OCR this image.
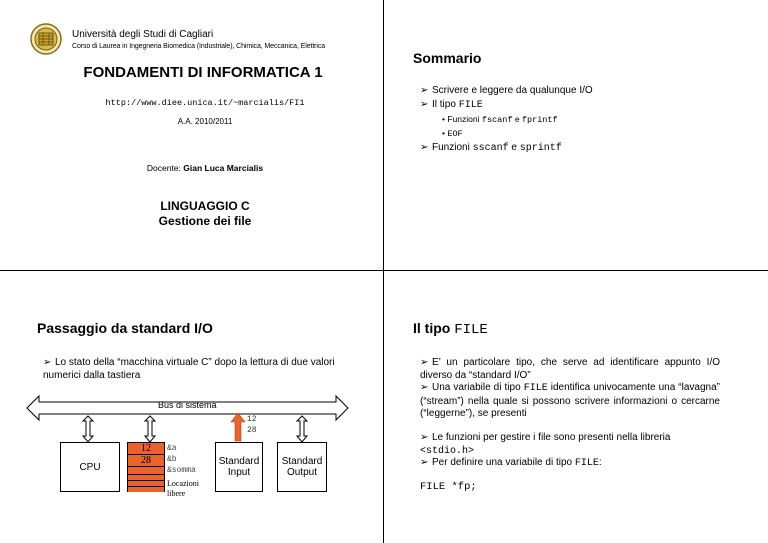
Università degli Studi di Cagliari
Corso di Laurea in Ingegneria Biomedica (Industriale), Chimica, Meccanica, Elettrica
FONDAMENTI DI INFORMATICA 1
http://www.diee.unica.it/~marcialis/FI1
A.A. 2010/2011
Docente: Gian Luca Marcialis
LINGUAGGIO C
Gestione dei file
Sommario
➢ Scrivere e leggere da qualunque I/O
➢ Il tipo FILE
• Funzioni fscanf e fprintf
• EOF
➢ Funzioni sscanf e sprintf
Passaggio da standard I/O
➢ Lo stato della “macchina virtuale C” dopo la lettura di due valori numerici dalla tastiera
Bus di sistema
12
28
CPU
12
28
&a
&b
&somma
Locazioni
libere
Standard
Input
Standard
Output
Il tipo FILE
➢ E’ un particolare tipo, che serve ad identificare appunto I/O diverso da “standard I/O”
➢ Una variabile di tipo FILE identifica univocamente una “lavagna” (“stream”) nella quale si possono scrivere informazioni o cercarne (“leggerne”), se presenti
➢ Le funzioni per gestire i file sono presenti nella libreria <stdio.h>
➢ Per definire una variabile di tipo FILE:
FILE *fp;
